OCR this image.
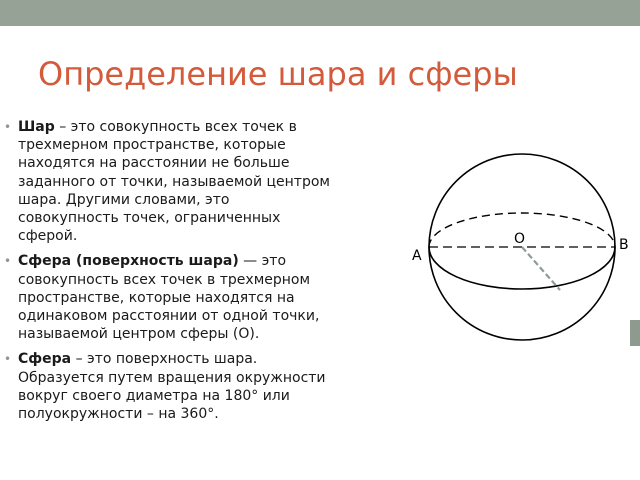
Определение шара и сферы
• Шар – это совокупность всех точек в трехмерном пространстве, которые находятся на расстоянии не больше заданного от точки, называемой центром шара. Другими словами, это совокупность точек, ограниченных сферой.
• Сфера (поверхность шара) — это совокупность всех точек в трехмерном пространстве, которые находятся на одинаковом расстоянии от одной точки, называемой центром сферы (О).
• Сфера – это поверхность шара. Образуется путем вращения окружности вокруг своего диаметра на 180° или полуокружности – на 360°.
A
O	B
